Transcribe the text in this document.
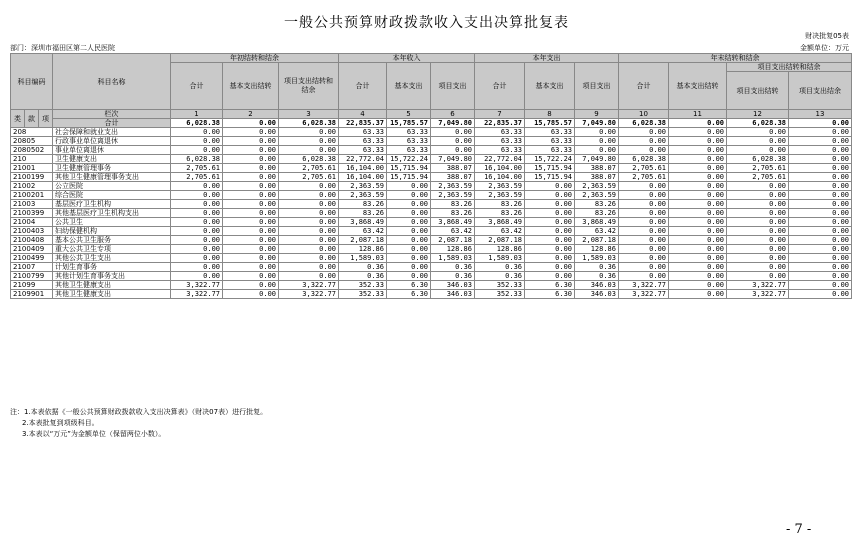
一般公共预算财政拨款收入支出决算批复表
财决批复05表
部门：深圳市福田区第二人民医院	金额单位：万元
科目编码			科目名称	年初结转和结余			本年收入			本年支出			年末结转和结余			
				合计	基本支出结转	项目支出结转和结余	合计	基本支出	项目支出	合计	基本支出	项目支出	合计	基本支出结转	项目支出结转和结余	
															项目支出结转	项目支出结余
类	款	项	栏次	1	2	3	4	5	6	7	8	9	10	11	12	13
			合计	6,028.38	0.00	6,028.38	22,835.37	15,785.57	7,049.80	22,835.37	15,785.57	7,049.80	6,028.38	0.00	6,028.38	0.00
208			社会保障和就业支出	0.00	0.00	0.00	63.33	63.33	0.00	63.33	63.33	0.00	0.00	0.00	0.00	0.00
20805			行政事业单位离退休	0.00	0.00	0.00	63.33	63.33	0.00	63.33	63.33	0.00	0.00	0.00	0.00	0.00
2080502			事业单位离退休	0.00	0.00	0.00	63.33	63.33	0.00	63.33	63.33	0.00	0.00	0.00	0.00	0.00
210			卫生健康支出	6,028.38	0.00	6,028.38	22,772.04	15,722.24	7,049.80	22,772.04	15,722.24	7,049.80	6,028.38	0.00	6,028.38	0.00
21001			卫生健康管理事务	2,705.61	0.00	2,705.61	16,104.00	15,715.94	388.07	16,104.00	15,715.94	388.07	2,705.61	0.00	2,705.61	0.00
2100199			其他卫生健康管理事务支出	2,705.61	0.00	2,705.61	16,104.00	15,715.94	388.07	16,104.00	15,715.94	388.07	2,705.61	0.00	2,705.61	0.00
21002			公立医院	0.00	0.00	0.00	2,363.59	0.00	2,363.59	2,363.59	0.00	2,363.59	0.00	0.00	0.00	0.00
2100201			综合医院	0.00	0.00	0.00	2,363.59	0.00	2,363.59	2,363.59	0.00	2,363.59	0.00	0.00	0.00	0.00
21003			基层医疗卫生机构	0.00	0.00	0.00	83.26	0.00	83.26	83.26	0.00	83.26	0.00	0.00	0.00	0.00
2100399			其他基层医疗卫生机构支出	0.00	0.00	0.00	83.26	0.00	83.26	83.26	0.00	83.26	0.00	0.00	0.00	0.00
21004			公共卫生	0.00	0.00	0.00	3,868.49	0.00	3,868.49	3,868.49	0.00	3,868.49	0.00	0.00	0.00	0.00
2100403			妇幼保健机构	0.00	0.00	0.00	63.42	0.00	63.42	63.42	0.00	63.42	0.00	0.00	0.00	0.00
2100408			基本公共卫生服务	0.00	0.00	0.00	2,087.18	0.00	2,087.18	2,087.18	0.00	2,087.18	0.00	0.00	0.00	0.00
2100409			重大公共卫生专项	0.00	0.00	0.00	128.86	0.00	128.86	128.86	0.00	128.86	0.00	0.00	0.00	0.00
2100499			其他公共卫生支出	0.00	0.00	0.00	1,589.03	0.00	1,589.03	1,589.03	0.00	1,589.03	0.00	0.00	0.00	0.00
21007			计划生育事务	0.00	0.00	0.00	0.36	0.00	0.36	0.36	0.00	0.36	0.00	0.00	0.00	0.00
2100799			其他计划生育事务支出	0.00	0.00	0.00	0.36	0.00	0.36	0.36	0.00	0.36	0.00	0.00	0.00	0.00
21099			其他卫生健康支出	3,322.77	0.00	3,322.77	352.33	6.30	346.03	352.33	6.30	346.03	3,322.77	0.00	3,322.77	0.00
2109901			其他卫生健康支出	3,322.77	0.00	3,322.77	352.33	6.30	346.03	352.33	6.30	346.03	3,322.77	0.00	3,322.77	0.00
注：1.本表依据《一般公共预算财政拨款收入支出决算表》（财决07表）进行批复。
2.本表批复到项级科目。
3.本表以“万元”为金额单位（保留两位小数）。
- 7 -
